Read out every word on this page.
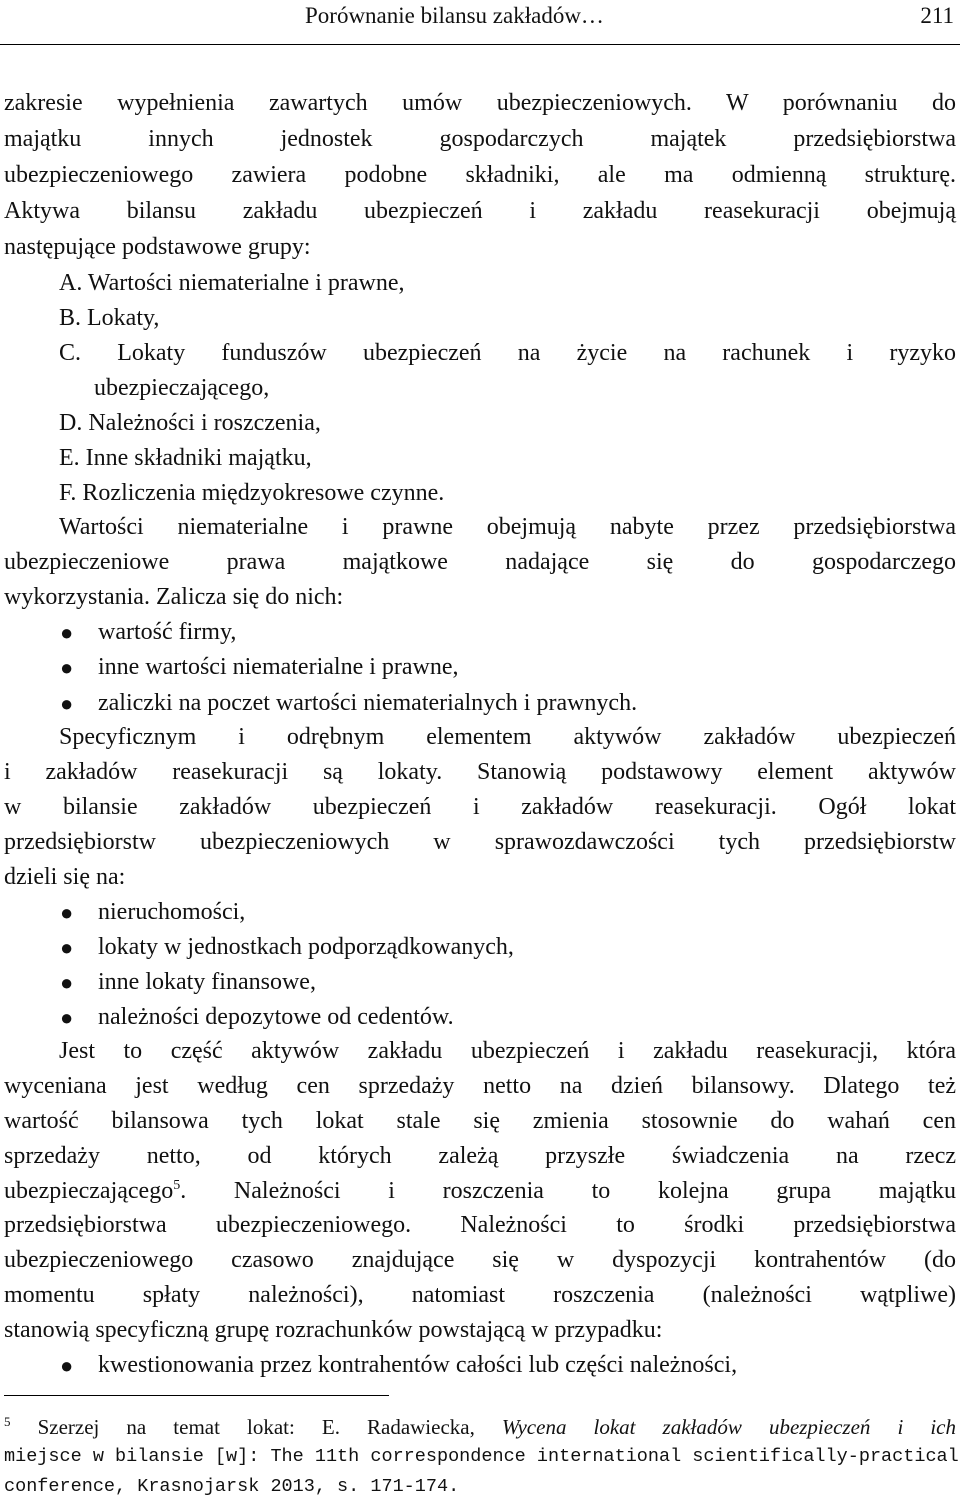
Porównanie bilansu zakładów…	211
zakresie wypełnienia zawartych umów ubezpieczeniowych. W porównaniu do
majątku innych jednostek gospodarczych majątek przedsiębiorstwa
ubezpieczeniowego zawiera podobne składniki, ale ma odmienną strukturę.
Aktywa bilansu zakładu ubezpieczeń i zakładu reasekuracji obejmują
następujące podstawowe grupy:
A. Wartości niematerialne i prawne,
B. Lokaty,
C. Lokaty funduszów ubezpieczeń na życie na rachunek i ryzyko
ubezpieczającego,
D. Należności i roszczenia,
E. Inne składniki majątku,
F. Rozliczenia międzyokresowe czynne.
Wartości niematerialne i prawne obejmują nabyte przez przedsiębiorstwa
ubezpieczeniowe prawa majątkowe nadające się do gospodarczego
wykorzystania. Zalicza się do nich:
● wartość firmy,
● inne wartości niematerialne i prawne,
● zaliczki na poczet wartości niematerialnych i prawnych.
Specyficznym i odrębnym elementem aktywów zakładów ubezpieczeń
i zakładów reasekuracji są lokaty. Stanowią podstawowy element aktywów
w bilansie zakładów ubezpieczeń i zakładów reasekuracji. Ogół lokat
przedsiębiorstw ubezpieczeniowych w sprawozdawczości tych przedsiębiorstw
dzieli się na:
● nieruchomości,
● lokaty w jednostkach podporządkowanych,
● inne lokaty finansowe,
● należności depozytowe od cedentów.
Jest to część aktywów zakładu ubezpieczeń i zakładu reasekuracji, która
wyceniana jest według cen sprzedaży netto na dzień bilansowy. Dlatego też
wartość bilansowa tych lokat stale się zmienia stosownie do wahań cen
sprzedaży netto, od których zależą przyszłe świadczenia na rzecz
ubezpieczającego$^5$. Należności i roszczenia to kolejna grupa majątku
przedsiębiorstwa ubezpieczeniowego. Należności to środki przedsiębiorstwa
ubezpieczeniowego czasowo znajdujące się w dyspozycji kontrahentów (do
momentu spłaty należności), natomiast roszczenia (należności wątpliwe)
stanowią specyficzną grupę rozrachunków powstającą w przypadku:
● kwestionowania przez kontrahentów całości lub części należności,
$^5$ Szerzej na temat lokat: E. Radawiecka, Wycena lokat zakładów ubezpieczeń i ich
miejsce w bilansie [w]: The 11th correspondence international scientifically-practical
conference, Krasnojarsk 2013, s. 171-174.
